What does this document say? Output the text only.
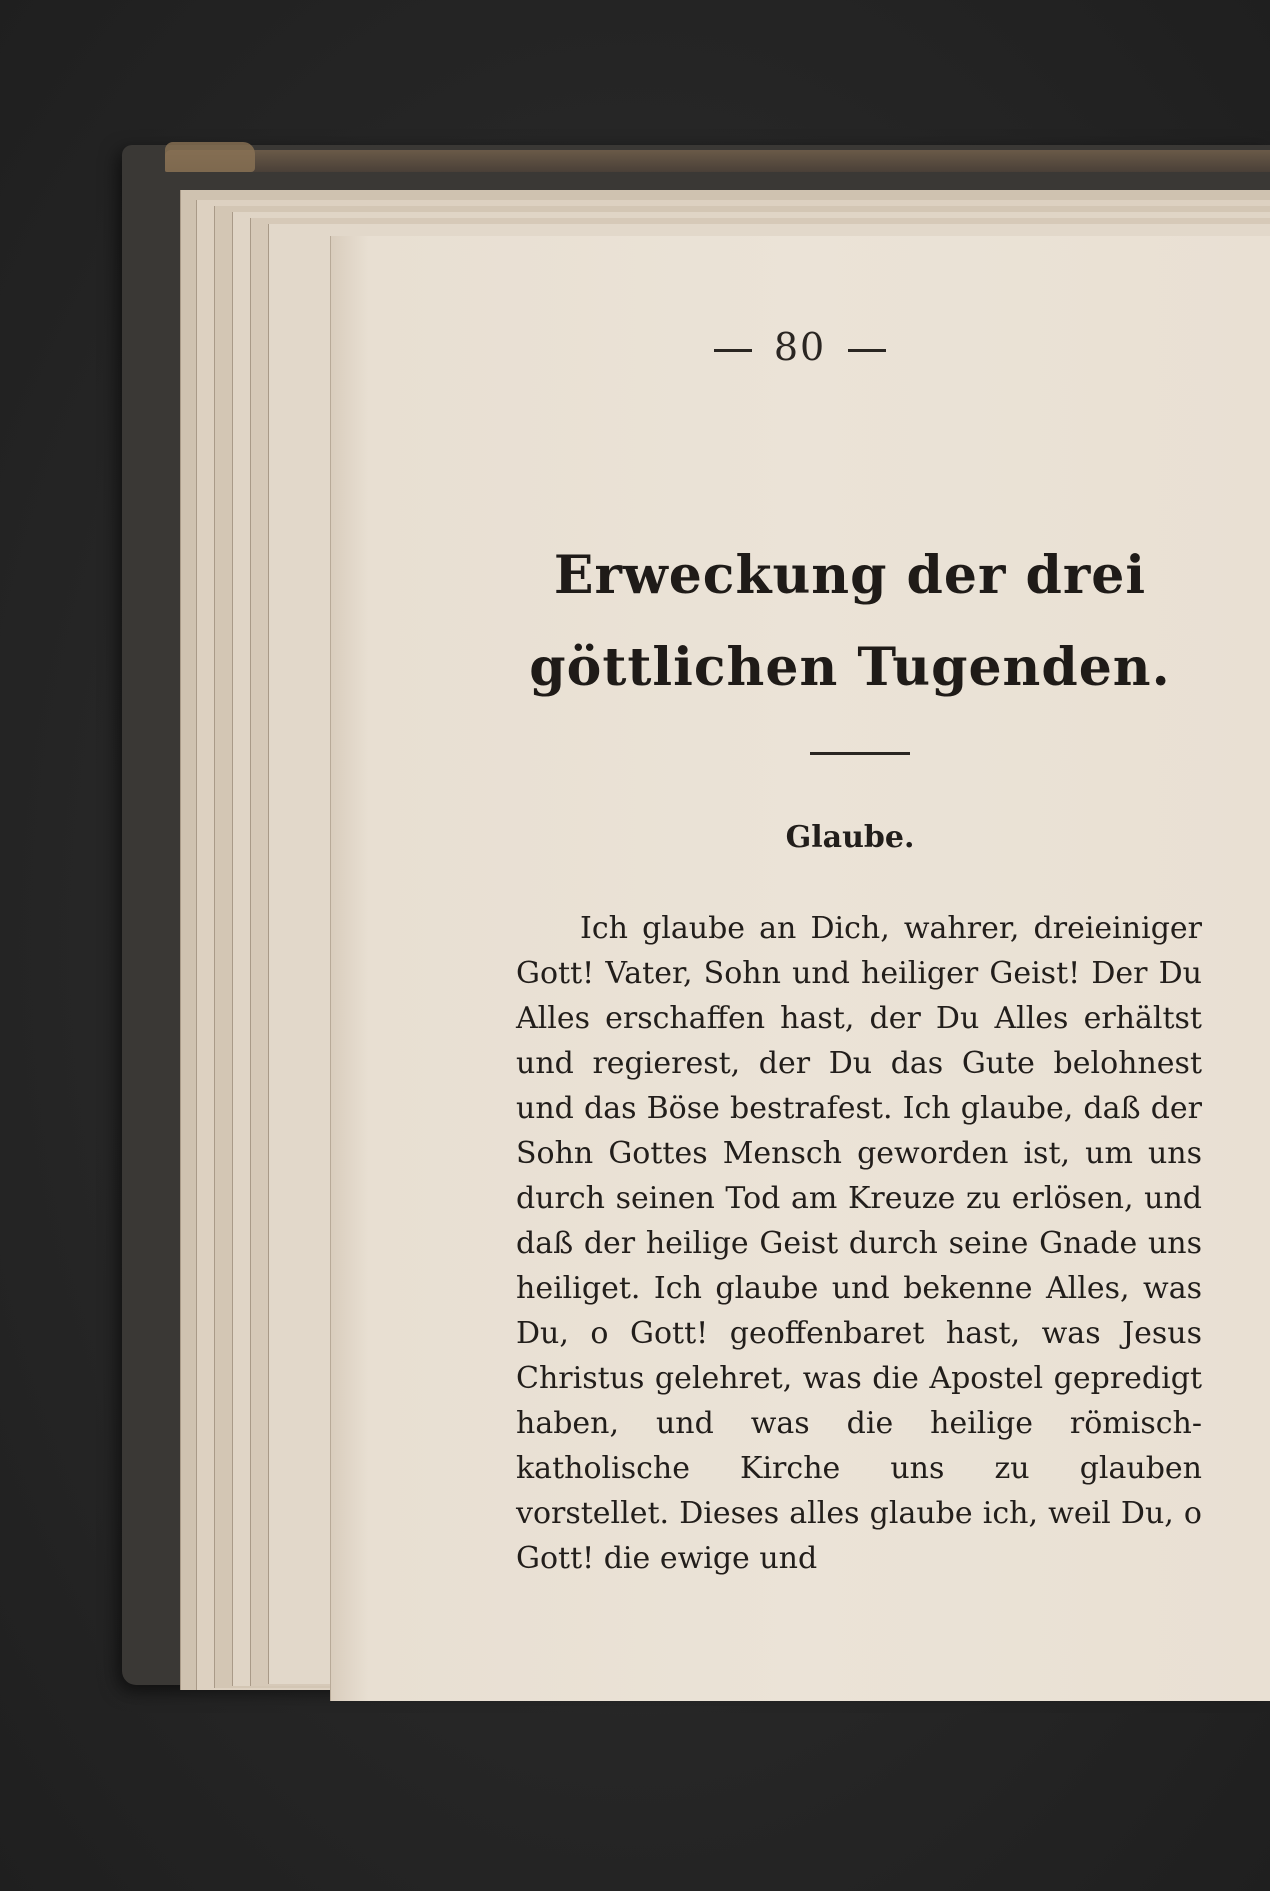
80

Erweckung der drei göttlichen Tugenden.
Glaube.

Ich glaube an Dich, wahrer, dreieiniger Gott! Vater, Sohn und heiliger Geist! Der Du Alles erschaffen hast, der Du Alles erhältst und regierest, der Du das Gute belohnest und das Böse bestrafest. Ich glaube, daß der Sohn Gottes Mensch geworden ist, um uns durch seinen Tod am Kreuze zu erlösen, und daß der heilige Geist durch seine Gnade uns heiliget. Ich glaube und bekenne Alles, was Du, o Gott! geoffenbaret hast, was Jesus Christus gelehret, was die Apostel gepredigt haben, und was die heilige römisch-katholische Kirche uns zu glauben vorstellet. Dieses alles glaube ich, weil Du, o Gott! die ewige und
